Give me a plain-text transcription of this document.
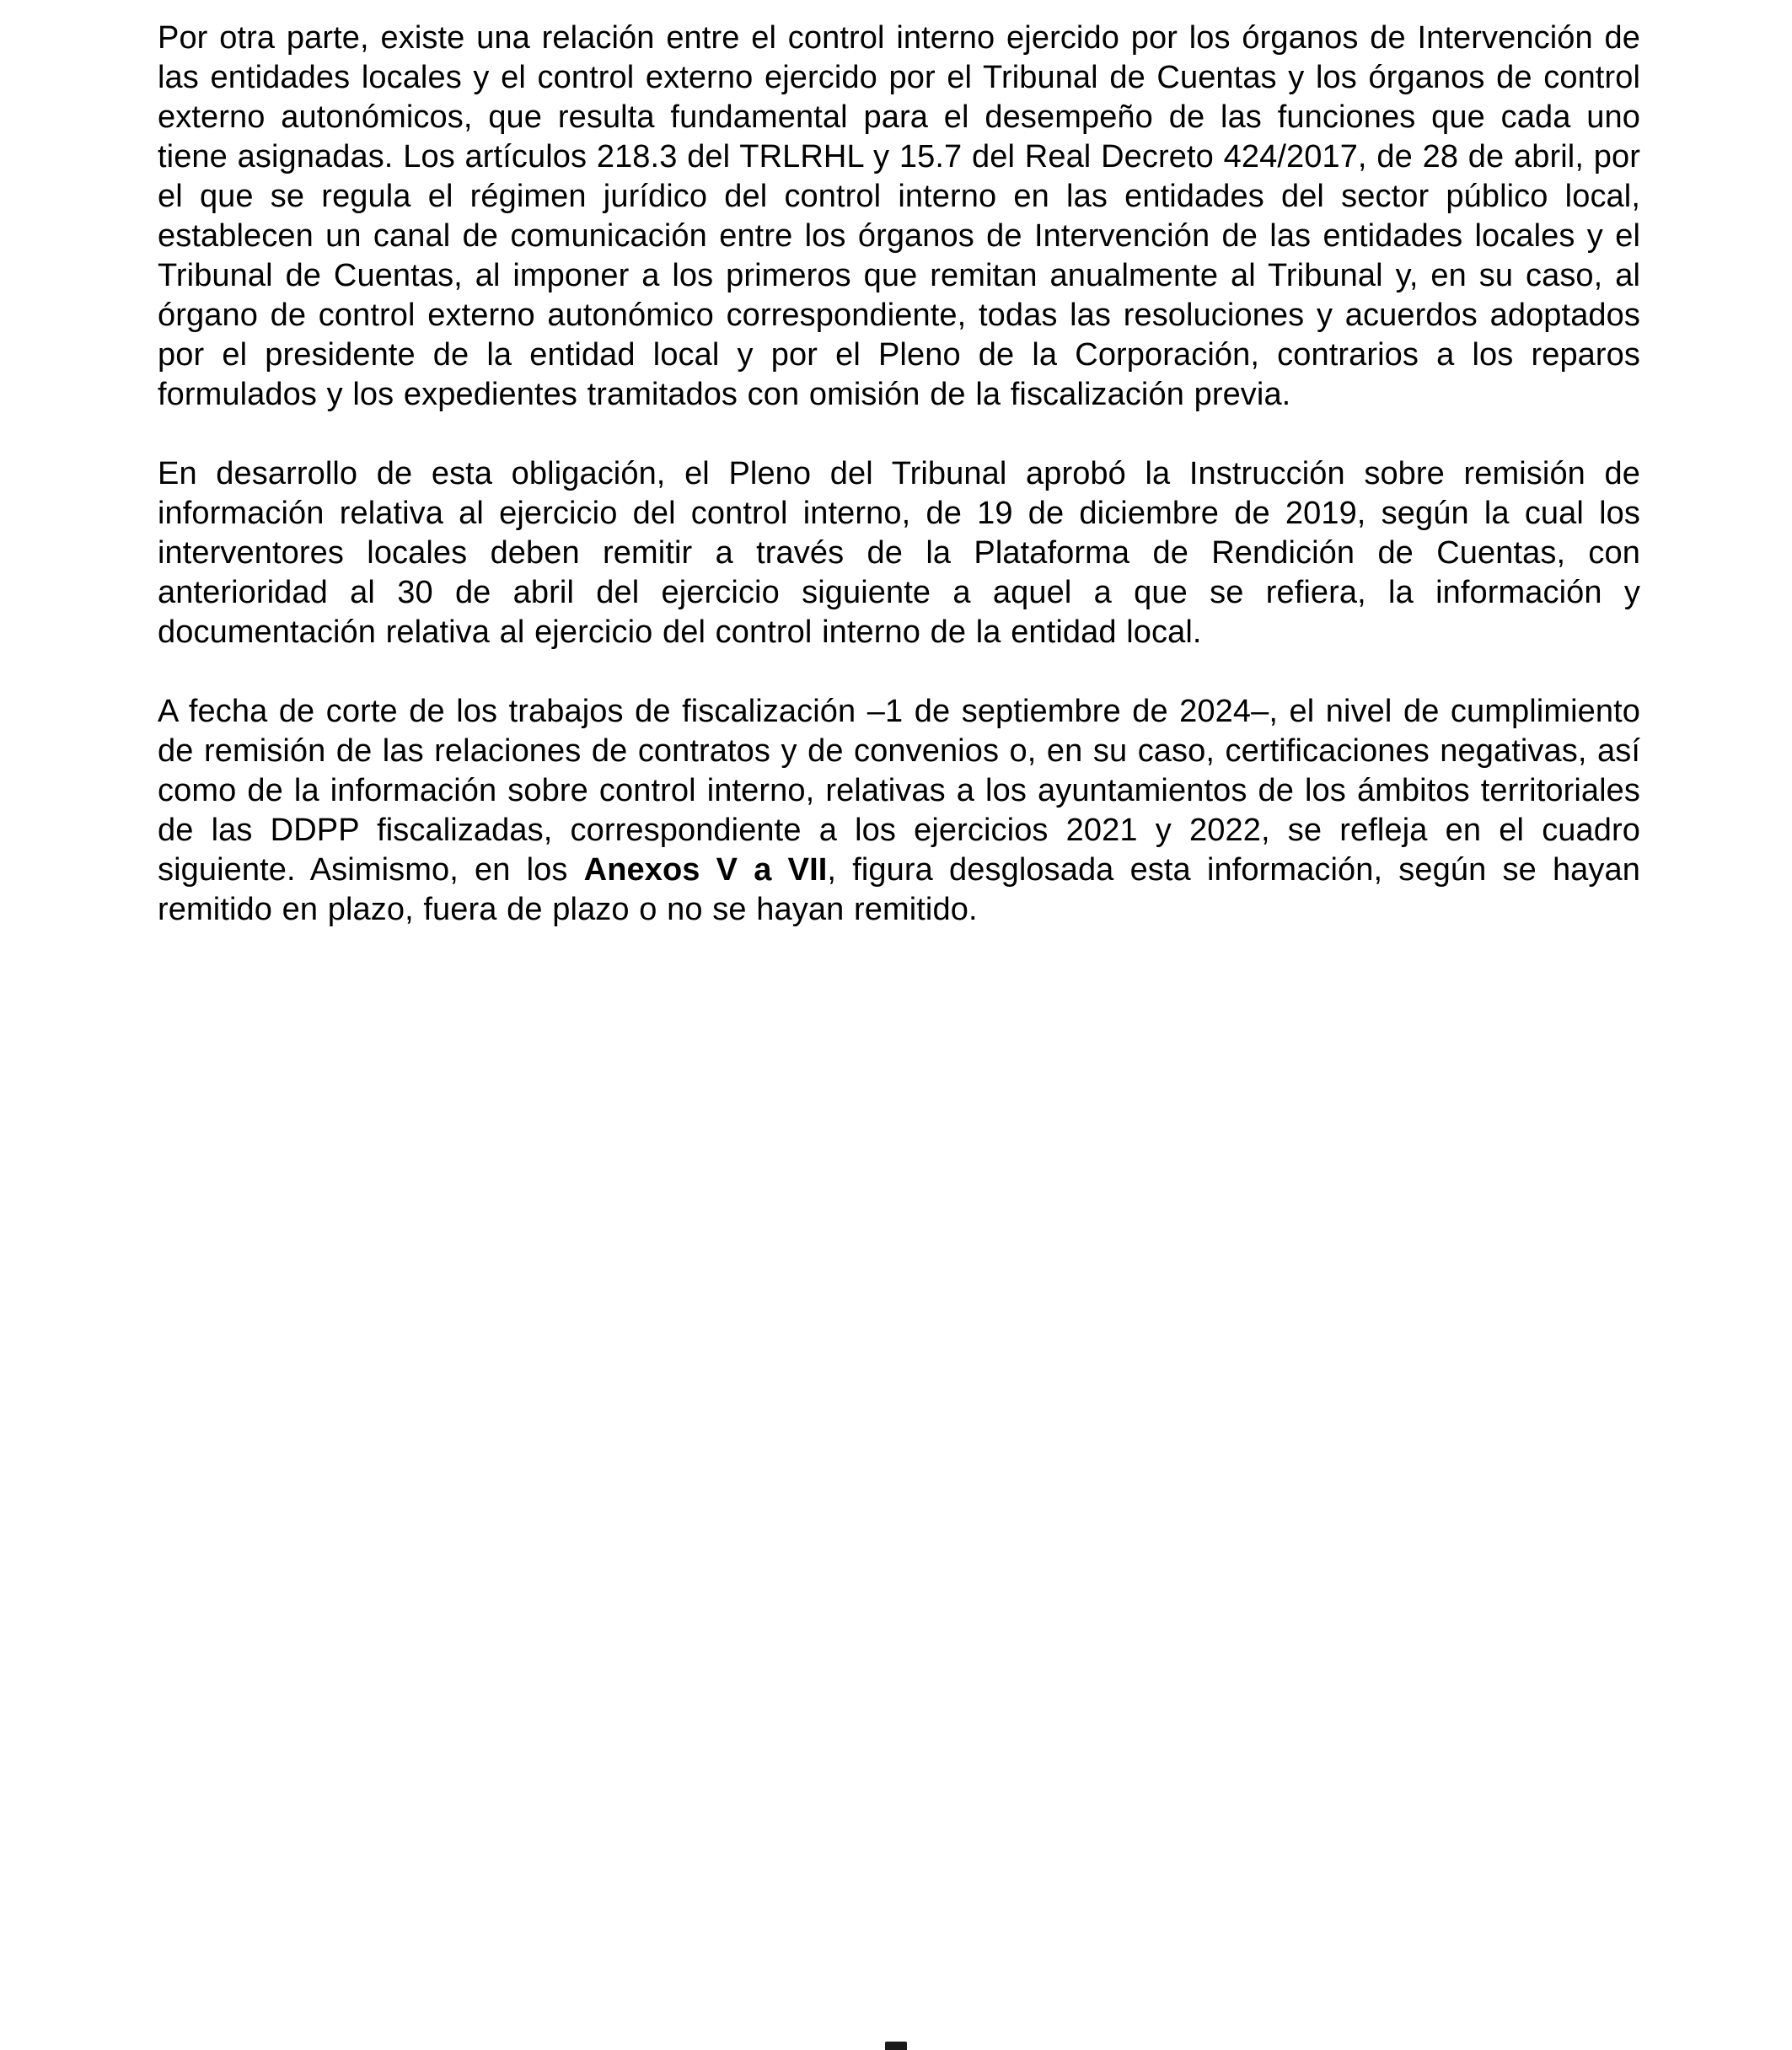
Por otra parte, existe una relación entre el control interno ejercido por los órganos de Intervención de las entidades locales y el control externo ejercido por el Tribunal de Cuentas y los órganos de control externo autonómicos, que resulta fundamental para el desempeño de las funciones que cada uno tiene asignadas. Los artículos 218.3 del TRLRHL y 15.7 del Real Decreto 424/2017, de 28 de abril, por el que se regula el régimen jurídico del control interno en las entidades del sector público local, establecen un canal de comunicación entre los órganos de Intervención de las entidades locales y el Tribunal de Cuentas, al imponer a los primeros que remitan anualmente al Tribunal y, en su caso, al órgano de control externo autonómico correspondiente, todas las resoluciones y acuerdos adoptados por el presidente de la entidad local y por el Pleno de la Corporación, contrarios a los reparos formulados y los expedientes tramitados con omisión de la fiscalización previa.

En desarrollo de esta obligación, el Pleno del Tribunal aprobó la Instrucción sobre remisión de información relativa al ejercicio del control interno, de 19 de diciembre de 2019, según la cual los interventores locales deben remitir a través de la Plataforma de Rendición de Cuentas, con anterioridad al 30 de abril del ejercicio siguiente a aquel a que se refiera, la información y documentación relativa al ejercicio del control interno de la entidad local.

A fecha de corte de los trabajos de fiscalización –1 de septiembre de 2024–, el nivel de cumplimiento de remisión de las relaciones de contratos y de convenios o, en su caso, certificaciones negativas, así como de la información sobre control interno, relativas a los ayuntamientos de los ámbitos territoriales de las DDPP fiscalizadas, correspondiente a los ejercicios 2021 y 2022, se refleja en el cuadro siguiente. Asimismo, en los Anexos V a VII, figura desglosada esta información, según se hayan remitido en plazo, fuera de plazo o no se hayan remitido.
